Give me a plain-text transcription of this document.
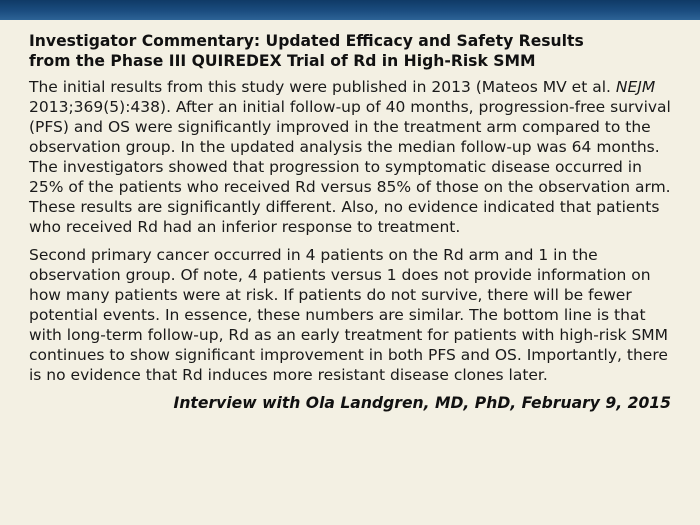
Investigator Commentary: Updated Efficacy and Safety Results
from the Phase III QUIREDEX Trial of Rd in High-Risk SMM

The initial results from this study were published in 2013 (Mateos MV et al. NEJM 2013;369(5):438). After an initial follow-up of 40 months, progression-free survival (PFS) and OS were significantly improved in the treatment arm compared to the observation group. In the updated analysis the median follow-up was 64 months. The investigators showed that progression to symptomatic disease occurred in 25% of the patients who received Rd versus 85% of those on the observation arm. These results are significantly different. Also, no evidence indicated that patients who received Rd had an inferior response to treatment.

Second primary cancer occurred in 4 patients on the Rd arm and 1 in the observation group. Of note, 4 patients versus 1 does not provide information on how many patients were at risk. If patients do not survive, there will be fewer potential events. In essence, these numbers are similar. The bottom line is that with long-term follow-up, Rd as an early treatment for patients with high-risk SMM continues to show significant improvement in both PFS and OS. Importantly, there is no evidence that Rd induces more resistant disease clones later.

Interview with Ola Landgren, MD, PhD, February 9, 2015
